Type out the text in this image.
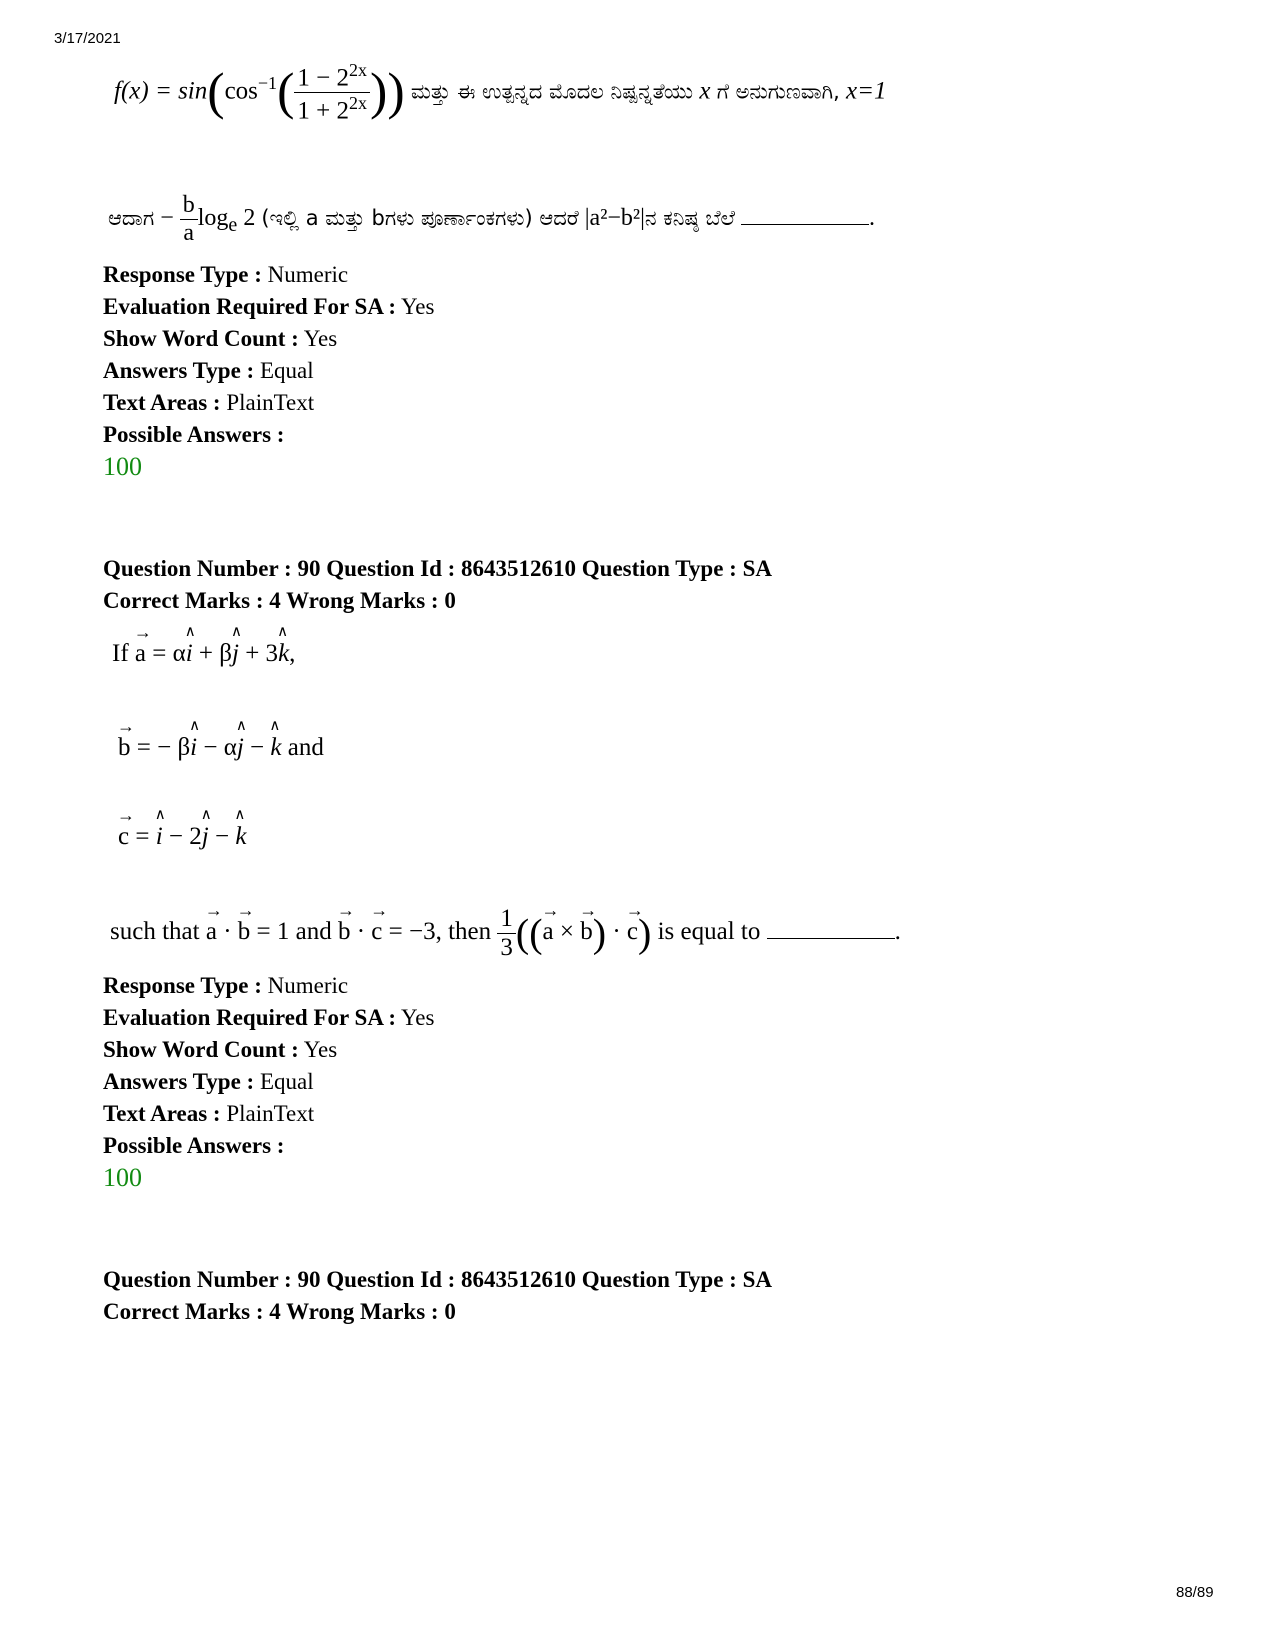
3/17/2021
$f(x) = \sin(\cos^{-1}( \frac{1 - 2^{2x}}{1 + 2^{2x}}$ )) ಮತ್ತು ಈ ಉತ್ಪನ್ನದ ಮೊದಲ ನಿಷ್ಪನ್ನತೆಯು x ಗೆ ಅನುಗುಣವಾಗಿ, x=1
ಆದಾಗ − $\frac{b}{a} \log_e 2$ (ಇಲ್ಲಿ a ಮತ್ತು bಗಳು ಪೂರ್ಣಾಂಕಗಳು) ಆದರೆ |a²−b²|ನ ಕನಿಷ್ಠ ಬೆಲೆ	.
Response Type : Numeric
Evaluation Required For SA : Yes
Show Word Count : Yes
Answers Type : Equal
Text Areas : PlainText
Possible Answers :
100
Question Number : 90 Question Id : 8643512610 Question Type : SA
Correct Marks : 4 Wrong Marks : 0
If → a = α∧ i + β∧ j + 3∧ k,
→ b = − β∧ i − α∧ j − ∧ k and
→ c = ∧ i − 2∧ j − ∧ k
such that → a · → b = 1 and → b · → c = −3, then $\frac{1}{3}$ ((→ a × → b) · → c) is equal to	.
Response Type : Numeric
Evaluation Required For SA : Yes
Show Word Count : Yes
Answers Type : Equal
Text Areas : PlainText
Possible Answers :
100
Question Number : 90 Question Id : 8643512610 Question Type : SA
Correct Marks : 4 Wrong Marks : 0
88/89
